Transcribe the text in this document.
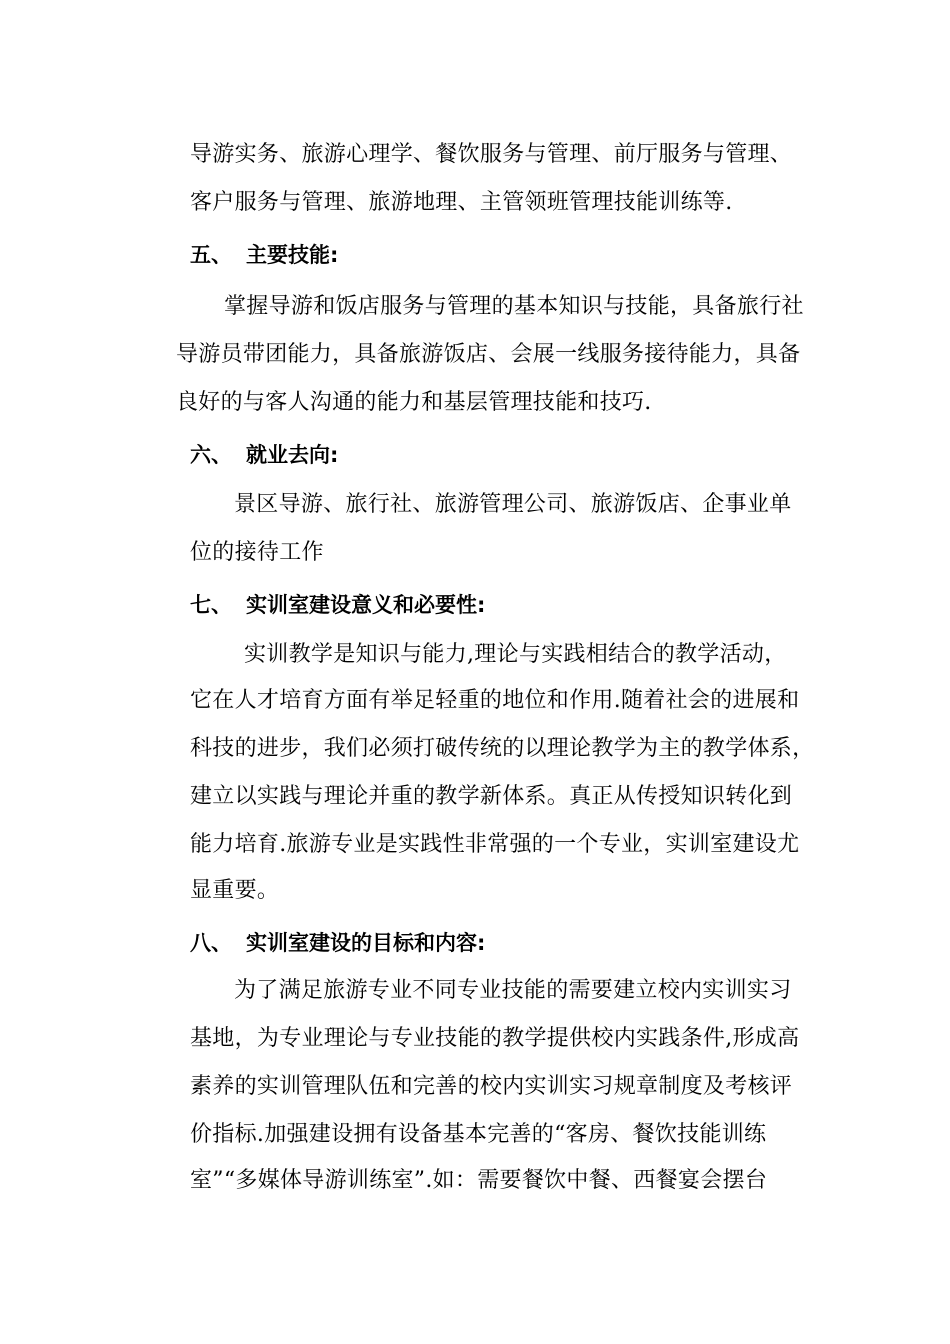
导游实务、旅游心理学、餐饮服务与管理、前厅服务与管理、
客户服务与管理、旅游地理、主管领班管理技能训练等.
五、 主要技能:
掌握导游和饭店服务与管理的基本知识与技能，具备旅行社
导游员带团能力，具备旅游饭店、会展一线服务接待能力，具备
良好的与客人沟通的能力和基层管理技能和技巧.
六、 就业去向:
景区导游、旅行社、旅游管理公司、旅游饭店、企事业单
位的接待工作
七、 实训室建设意义和必要性:
实训教学是知识与能力,理论与实践相结合的教学活动，
它在人才培育方面有举足轻重的地位和作用.随着社会的进展和
科技的进步，我们必须打破传统的以理论教学为主的教学体系，
建立以实践与理论并重的教学新体系。真正从传授知识转化到
能力培育.旅游专业是实践性非常强的一个专业，实训室建设尤
显重要。
八、 实训室建设的目标和内容:
为了满足旅游专业不同专业技能的需要建立校内实训实习
基地，为专业理论与专业技能的教学提供校内实践条件,形成高
素养的实训管理队伍和完善的校内实训实习规章制度及考核评
价指标.加强建设拥有设备基本完善的“客房、餐饮技能训练
室”“多媒体导游训练室”.如：需要餐饮中餐、西餐宴会摆台
